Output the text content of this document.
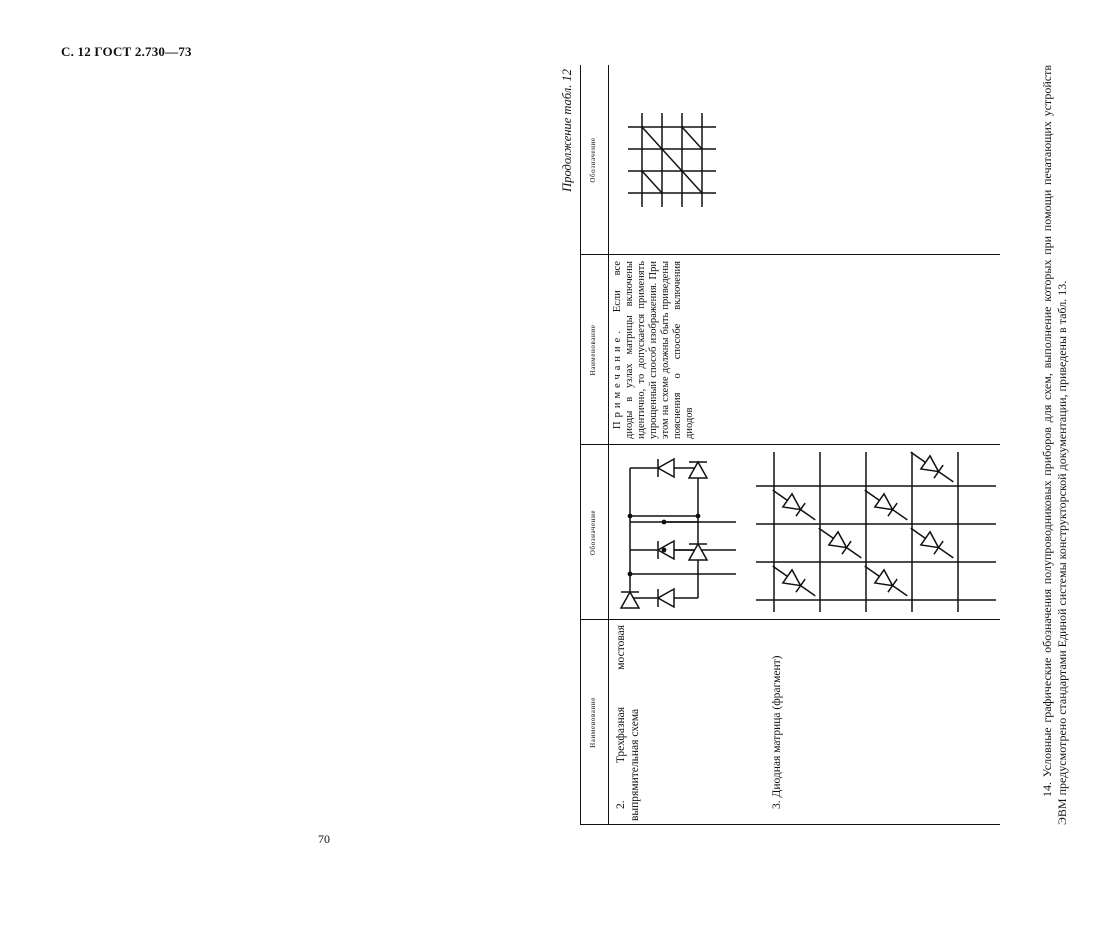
С. 12 ГОСТ 2.730—73
Продолжение табл. 12
Наименование
Обозначение
Наименование
Обозначение
2. Трехфазная мостовая выпрямительная схема	3. Диодная матрица (фрагмент)
Примечание. Если все диоды в узлах матрицы включены идентично, то допускается применять упрощенный способ изображения. При этом на схеме должны быть приведены пояснения о способе включения диодов	14. Условные графические обозначения полупроводниковых приборов для схем, выполнение которых при помощи печатающих устройств ЭВМ предусмотрено стандартами Единой системы конструкторской документации, приведены в табл. 13.
70
